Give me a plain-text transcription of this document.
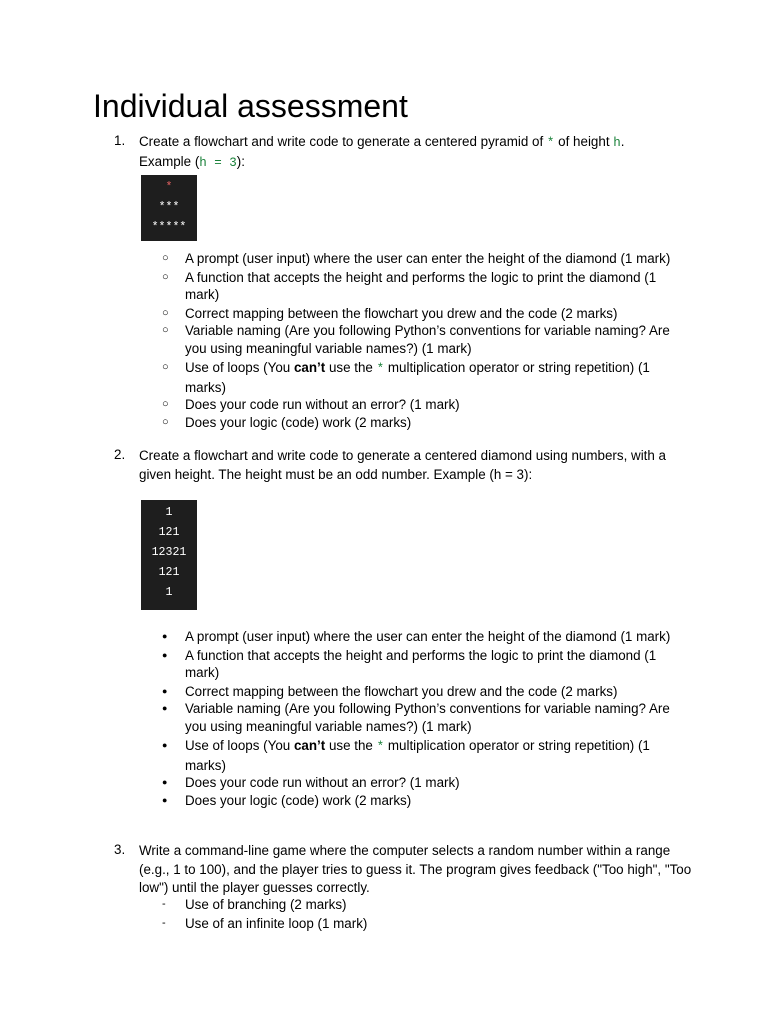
Individual assessment
1.	Create a flowchart and write code to generate a centered pyramid of * of height h.
Example (h = 3):
*
***
*****
○
A prompt (user input) where the user can enter the height of the diamond (1 mark)
○
A function that accepts the height and performs the logic to print the diamond (1 mark)
○
Correct mapping between the flowchart you drew and the code (2 marks)
○
Variable naming (Are you following Python’s conventions for variable naming? Are you using meaningful variable names?) (1 mark)
○
Use of loops (You can’t use the * multiplication operator or string repetition) (1 marks)
○
Does your code run without an error? (1 mark)
○
Does your logic (code) work (2 marks)
2.	Create a flowchart and write code to generate a centered diamond using numbers, with a given height. The height must be an odd number. Example (h = 3):
1
121
12321
121
1
●
A prompt (user input) where the user can enter the height of the diamond (1 mark)
●
A function that accepts the height and performs the logic to print the diamond (1 mark)
●
Correct mapping between the flowchart you drew and the code (2 marks)
●
Variable naming (Are you following Python’s conventions for variable naming? Are you using meaningful variable names?) (1 mark)
●
Use of loops (You can’t use the * multiplication operator or string repetition) (1 marks)
●
Does your code run without an error? (1 mark)
●
Does your logic (code) work (2 marks)
3.	Write a command-line game where the computer selects a random number within a range (e.g., 1 to 100), and the player tries to guess it. The program gives feedback ("Too high", "Too low") until the player guesses correctly.
-
Use of branching (2 marks)
-
Use of an infinite loop (1 mark)
